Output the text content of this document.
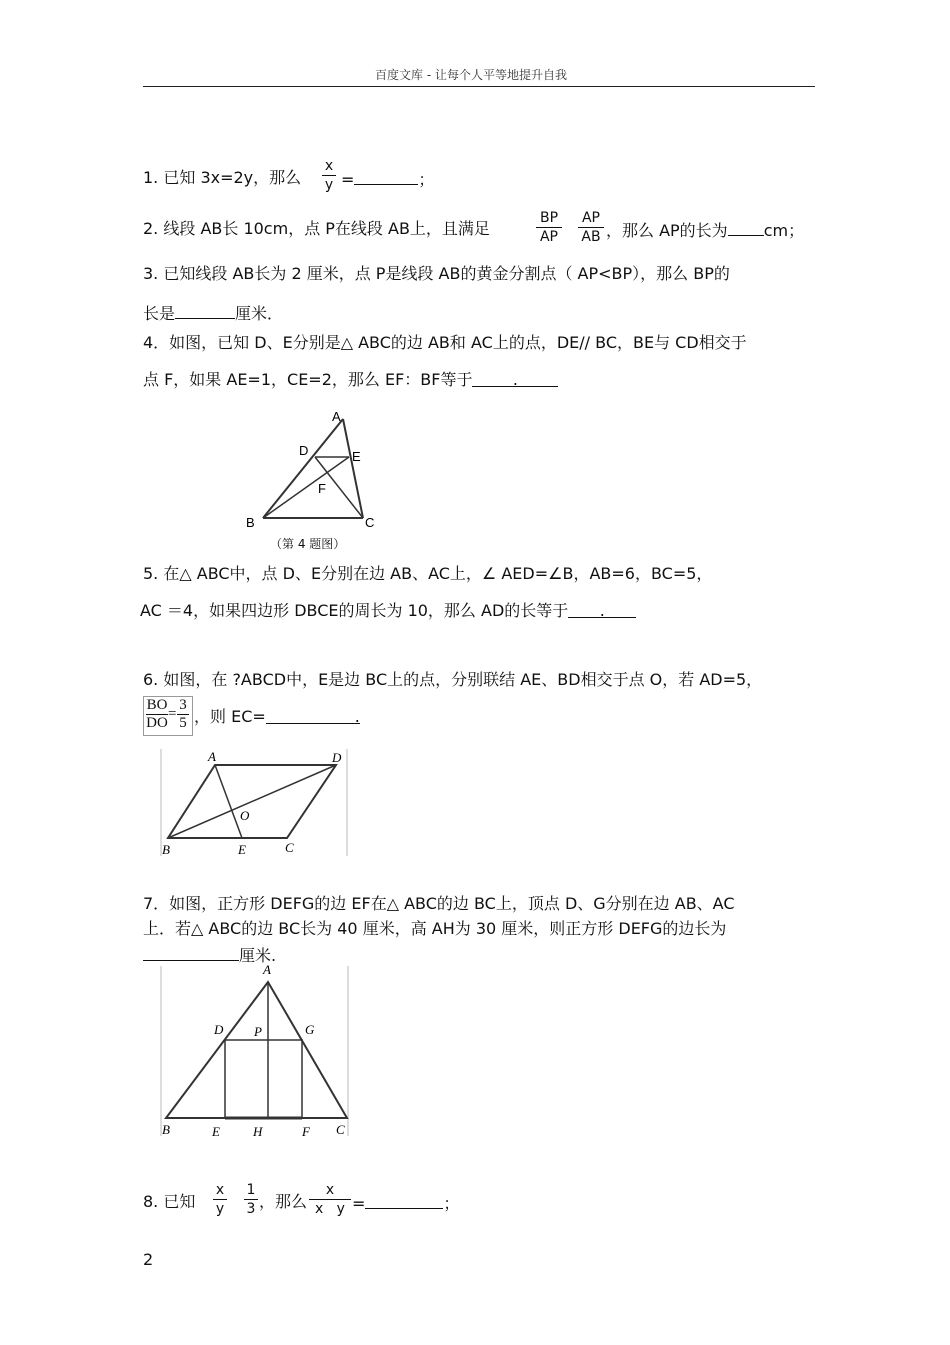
百度文库 - 让每个人平等地提升自我
1. 已知 3x=2y，那么
x
y =	；
2. 线段 AB长 10cm，点 P在线段 AB上，且满足
BP
AP
AP
AB ，那么 AP的长为 cm；
3. 已知线段 AB长为 2 厘米，点 P是线段 AB的黄金分割点（ AP<BP），那么 BP的
长是	厘米．
4．如图，已知 D、E分别是△ ABC的边 AB和 AC上的点，DE// BC，BE与 CD相交于
点 F，如果 AE=1，CE=2，那么 EF：BF等于	.
A
D	E
F
B	C
（第 4 题图）
5. 在△ ABC中，点 D、E分别在边 AB、AC上，∠ AED=∠B，AB=6，BC=5，
AC ＝4，如果四边形 DBCE的周长为 10，那么 AD的长等于 .
6. 如图，在 ?ABCD中，E是边 BC上的点，分别联结 AE、BD相交于点 O，若 AD=5，
BO
DO
=
3
5 ，则 EC=	.
A	D
O
B	E	C
7．如图，正方形 DEFG的边 EF在△ ABC的边 BC上，顶点 D、G分别在边 AB、AC
上．若△ ABC的边 BC长为 40 厘米，高 AH为 30 厘米，则正方形 DEFG的边长为
厘米.
A
D P	G
B	E	H	F C
8. 已知
x
y
1
3 ，那么
x
x   y =	；
2
